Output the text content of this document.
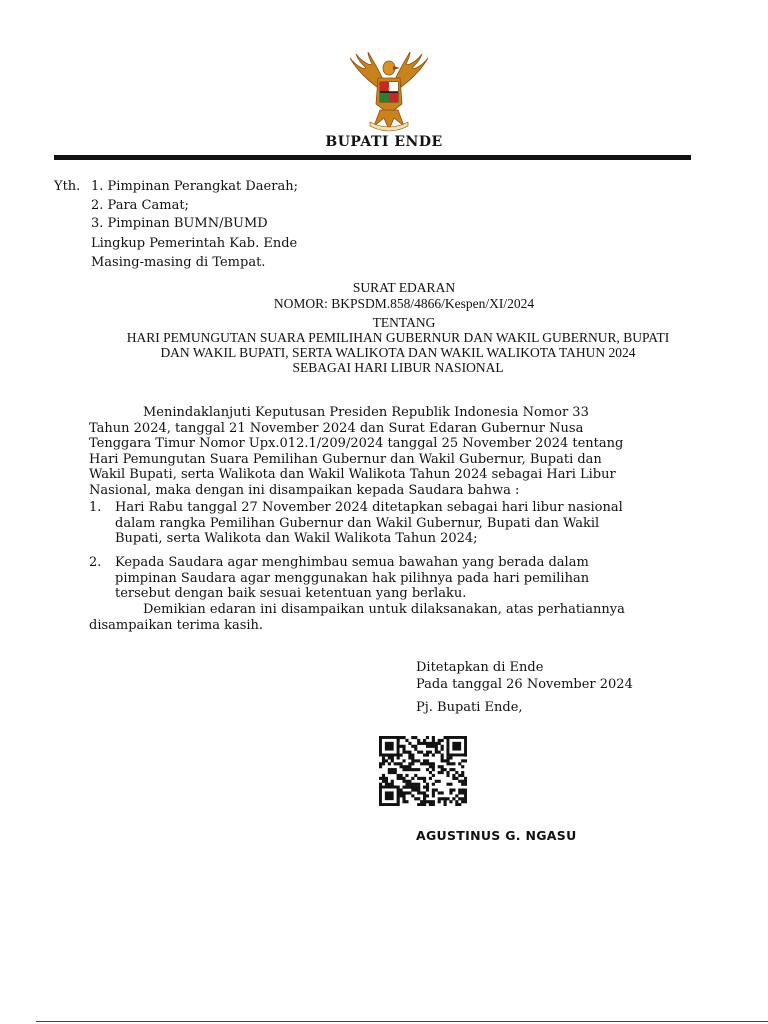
BUPATI ENDE
Yth. 1. Pimpinan Perangkat Daerah;
2. Para Camat;
3. Pimpinan BUMN/BUMD
Lingkup Pemerintah Kab. Ende
Masing-masing di Tempat.
SURAT EDARAN
NOMOR: BKPSDM.858/4866/Kespen/XI/2024
TENTANG
HARI PEMUNGUTAN SUARA PEMILIHAN GUBERNUR DAN WAKIL GUBERNUR, BUPATI
DAN WAKIL BUPATI, SERTA WALIKOTA DAN WAKIL WALIKOTA TAHUN 2024
SEBAGAI HARI LIBUR NASIONAL
Menindaklanjuti Keputusan Presiden Republik Indonesia Nomor 33
Tahun 2024, tanggal 21 November 2024 dan Surat Edaran Gubernur Nusa
Tenggara Timur Nomor Upx.012.1/209/2024 tanggal 25 November 2024 tentang
Hari Pemungutan Suara Pemilihan Gubernur dan Wakil Gubernur, Bupati dan
Wakil Bupati, serta Walikota dan Wakil Walikota Tahun 2024 sebagai Hari Libur
Nasional, maka dengan ini disampaikan kepada Saudara bahwa :
1. Hari Rabu tanggal 27 November 2024 ditetapkan sebagai hari libur nasional
dalam rangka Pemilihan Gubernur dan Wakil Gubernur, Bupati dan Wakil
Bupati, serta Walikota dan Wakil Walikota Tahun 2024;
2. Kepada Saudara agar menghimbau semua bawahan yang berada dalam
pimpinan Saudara agar menggunakan hak pilihnya pada hari pemilihan
tersebut dengan baik sesuai ketentuan yang berlaku.
Demikian edaran ini disampaikan untuk dilaksanakan, atas perhatiannya
disampaikan terima kasih.
Ditetapkan di Ende
Pada tanggal 26 November 2024
Pj. Bupati Ende,
AGUSTINUS G. NGASU
